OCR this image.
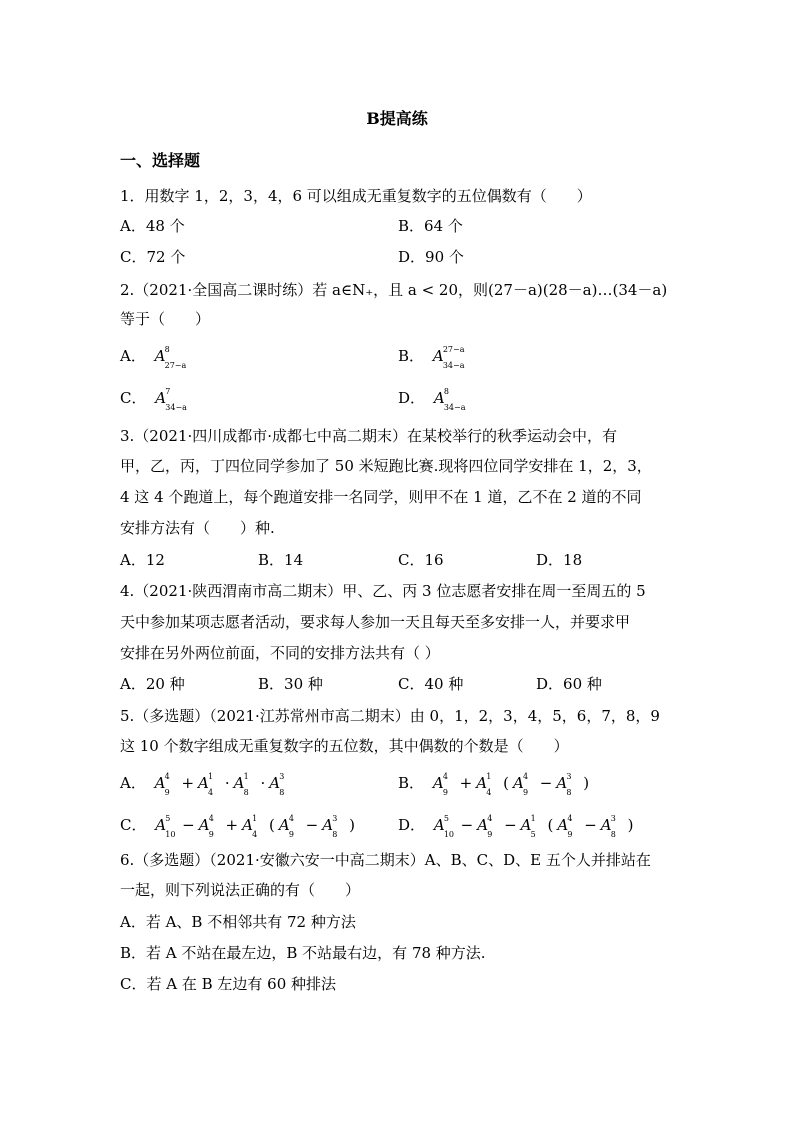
B提高练
一、选择题
1．用数字 1，2，3，4，6 可以组成无重复数字的五位偶数有（　　）
A．48 个	B．64 个
C．72 个	D．90 个
2.（2021·全国高二课时练）若 a∈N₊，且 a < 20，则(27－a)(28－a)…(34－a)
等于（　　）
A． A 8
27−a
B． A 27−a
34−a
C． A 7
34−a
D． A 8
34−a
3.（2021·四川成都市·成都七中高二期末）在某校举行的秋季运动会中，有
甲，乙，丙，丁四位同学参加了 50 米短跑比赛.现将四位同学安排在 1，2，3，
4 这 4 个跑道上，每个跑道安排一名同学，则甲不在 1 道，乙不在 2 道的不同
安排方法有（　　）种.
A．12	B．14	C．16	D．18
4.（2021·陕西渭南市高二期末）甲、乙、丙 3 位志愿者安排在周一至周五的 5
天中参加某项志愿者活动，要求每人参加一天且每天至多安排一人，并要求甲
安排在另外两位前面，不同的安排方法共有（ ）
A．20 种	B．30 种	C．40 种	D．60 种
5.（多选题）（2021·江苏常州市高二期末）由 0，1，2，3，4，5，6，7，8，9
这 10 个数字组成无重复数字的五位数，其中偶数的个数是（　　）
A． A 4
9
+ A 1
4
· A 1
8
· A 3
8
B． A 4
9
+ A 1
4
( A 4
9
− A 3
8
)
C． A 5
10
− A 4
9
+ A 1
4
( A 4
9
− A 3
8
)	D． A 5
10
− A 4
9
− A 1
5
( A 4
9
− A 3
8
)
6.（多选题）（2021·安徽六安一中高二期末）A、B、C、D、E 五个人并排站在
一起，则下列说法正确的有（　　）
A．若 A、B 不相邻共有 72 种方法
B．若 A 不站在最左边，B 不站最右边，有 78 种方法.
C．若 A 在 B 左边有 60 种排法
